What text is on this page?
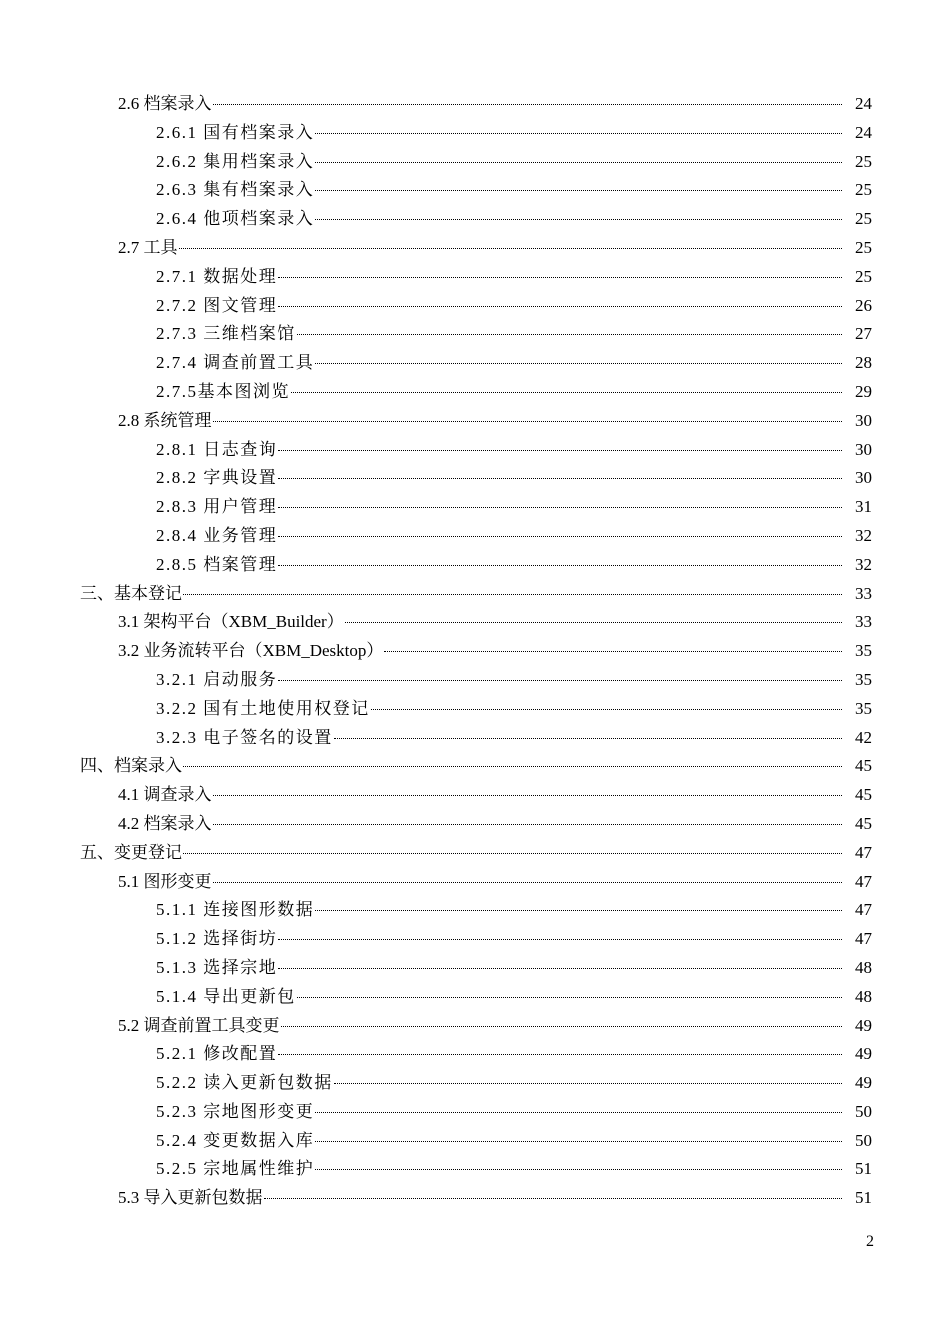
2.6 档案录入	24
2.6.1 国有档案录入	24
2.6.2 集用档案录入	25
2.6.3 集有档案录入	25
2.6.4 他项档案录入	25
2.7 工具	25
2.7.1 数据处理	25
2.7.2 图文管理	26
2.7.3 三维档案馆	27
2.7.4 调查前置工具	28
2.7.5基本图浏览	29
2.8 系统管理	30
2.8.1 日志查询	30
2.8.2 字典设置	30
2.8.3 用户管理	31
2.8.4 业务管理	32
2.8.5 档案管理	32
三、基本登记	33
3.1 架构平台（XBM_Builder）	33
3.2 业务流转平台（XBM_Desktop）	35
3.2.1 启动服务	35
3.2.2 国有土地使用权登记	35
3.2.3 电子签名的设置	42
四、档案录入	45
4.1 调查录入	45
4.2 档案录入	45
五、变更登记	47
5.1 图形变更	47
5.1.1 连接图形数据	47
5.1.2 选择街坊	47
5.1.3 选择宗地	48
5.1.4 导出更新包	48
5.2 调查前置工具变更	49
5.2.1 修改配置	49
5.2.2 读入更新包数据	49
5.2.3 宗地图形变更	50
5.2.4 变更数据入库	50
5.2.5 宗地属性维护	51
5.3 导入更新包数据	51
2
